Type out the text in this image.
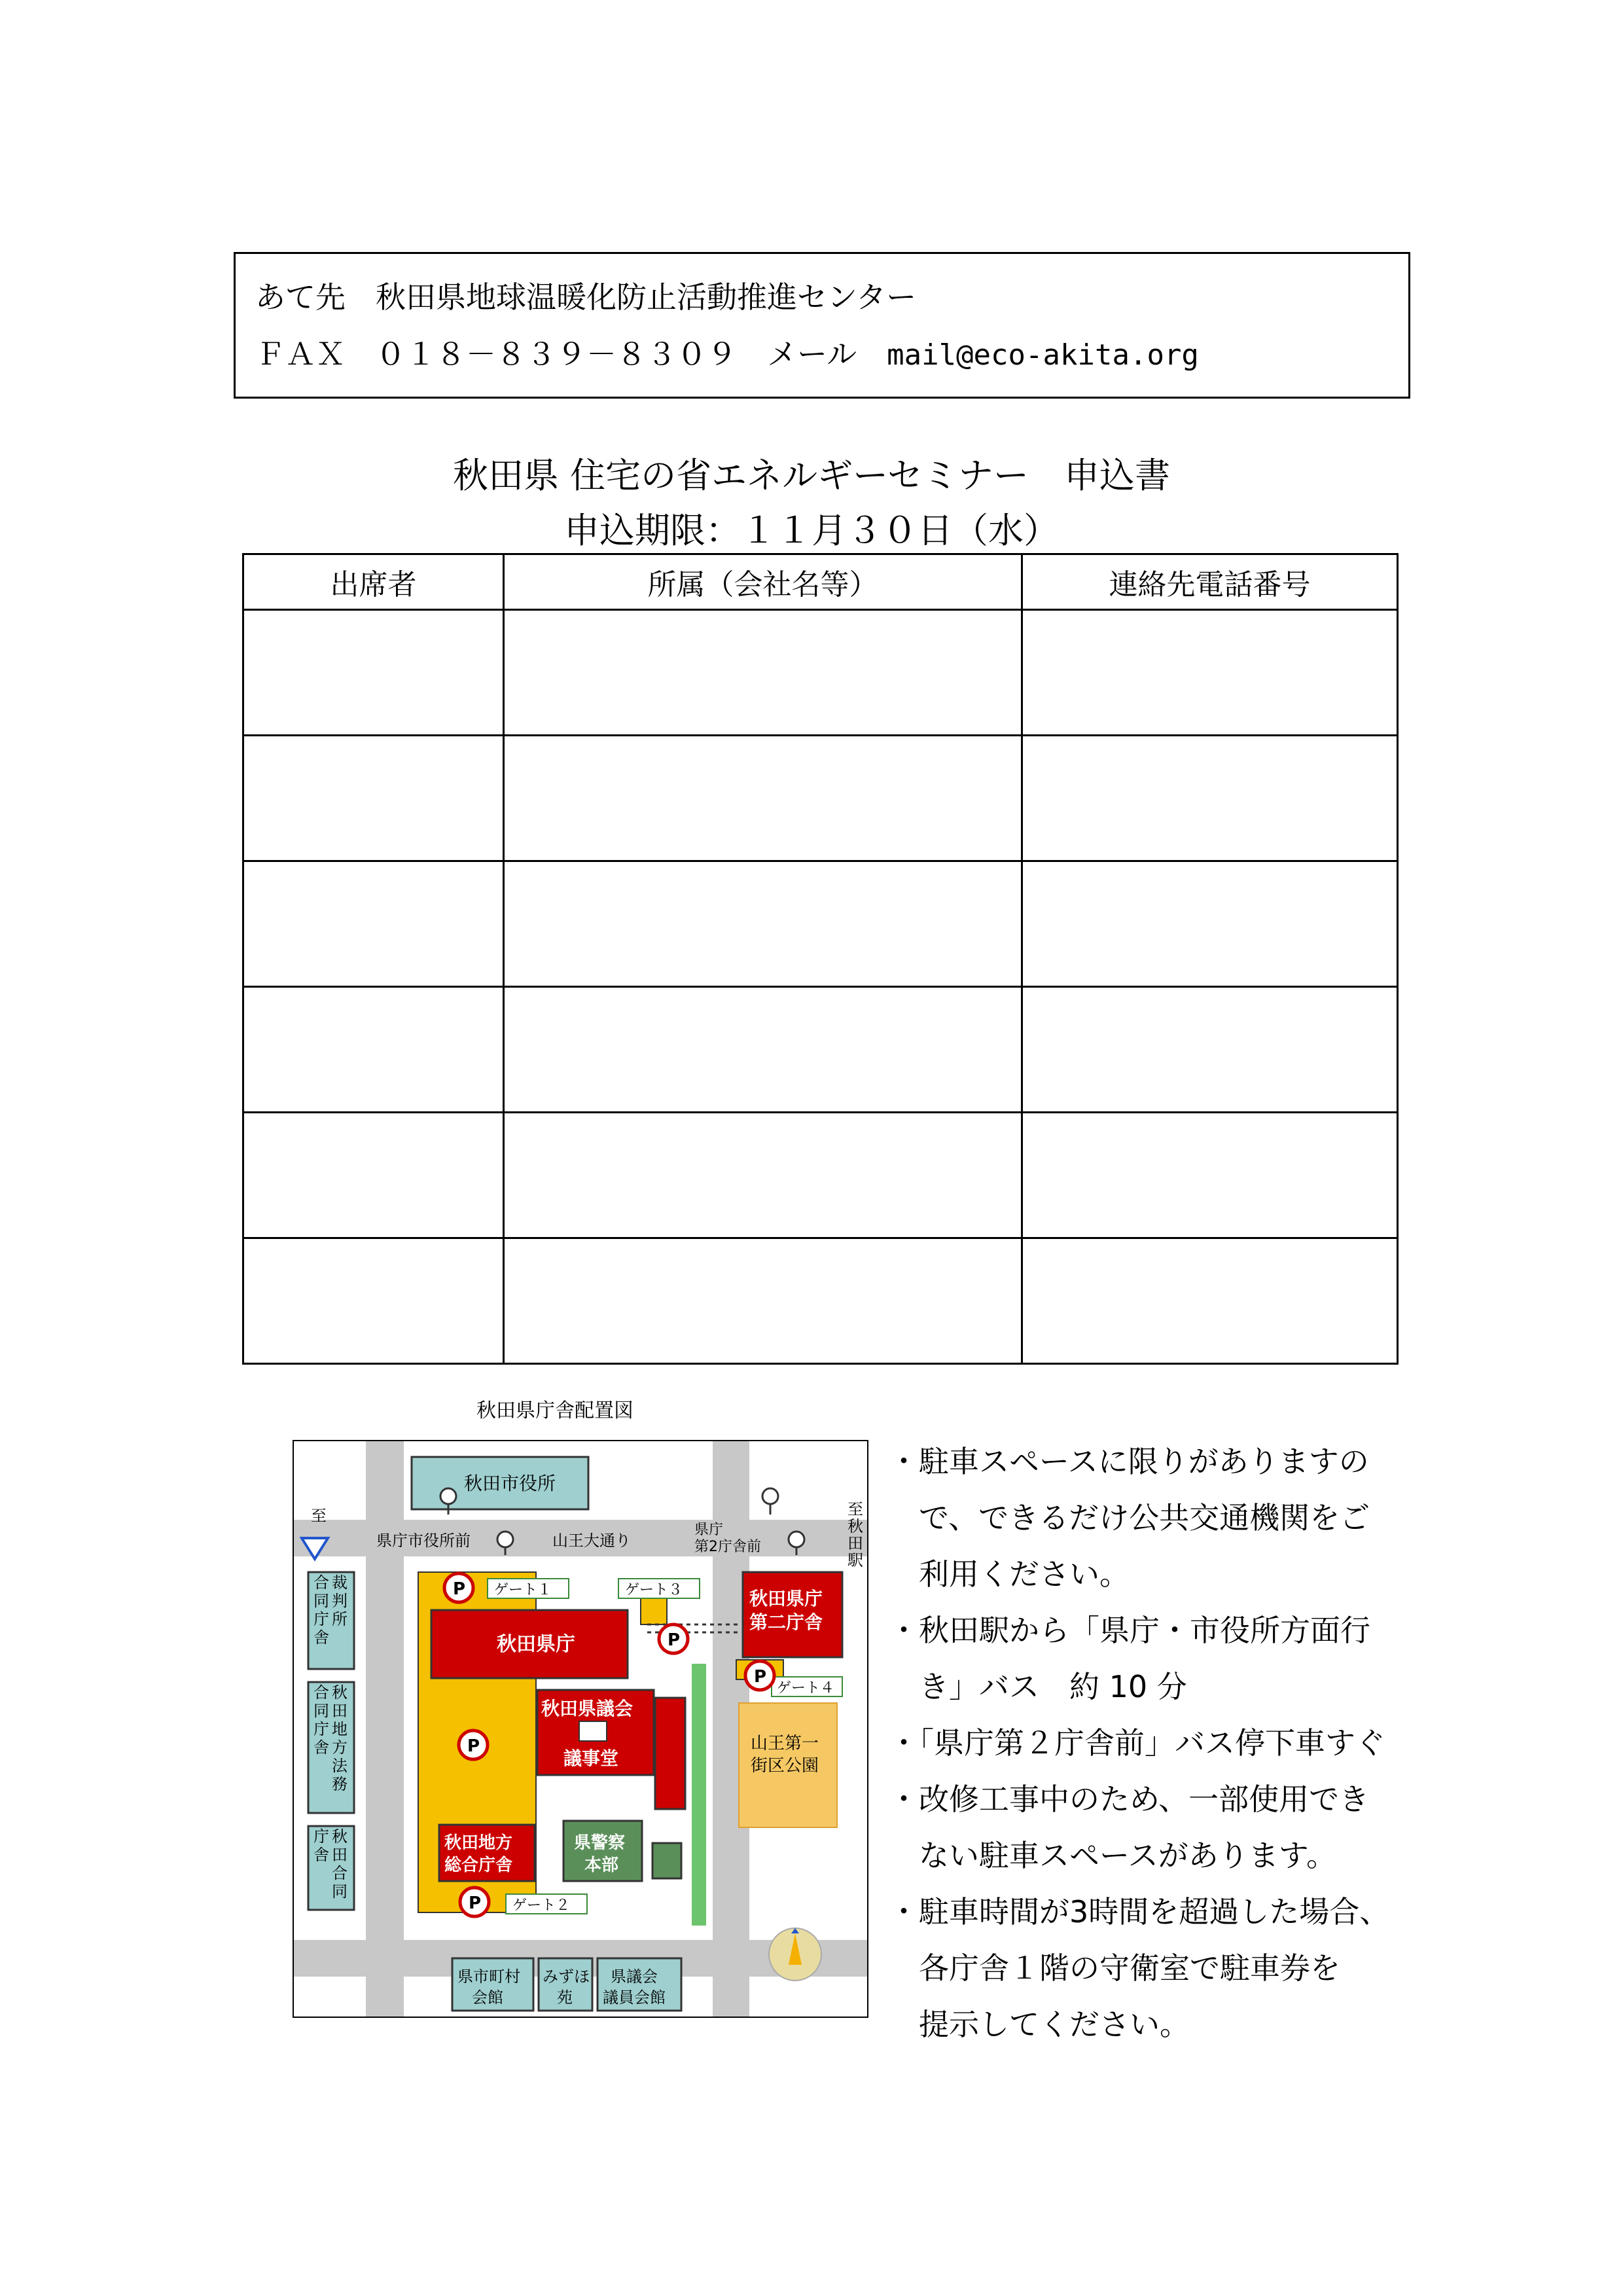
あて先　秋田県地球温暖化防止活動推進センター
ＦＡＸ　０１８－８３９－８３０９　メール　mail@eco-akita.org
秋田県 住宅の省エネルギーセミナー　申込書
申込期限：１１月３０日（水）
出席者	所属（会社名等）	連絡先電話番号

秋田県庁舎配置図
秋田市役所
県庁市役所前	山王大通り
県庁
第2庁舎前
至	至
秋
田
駅
裁
合
判
同
所
庁
舎
合 秋
同 田
庁 地
舎 方
法
務
庁 秋
舎 田
合
同
秋田県庁
秋田県庁
第二庁舎
秋田県議会
議事堂
秋田地方
総合庁舎
県警察
本部
山王第一
街区公園
ゲート１	ゲート３
ゲート４
ゲート２
P
P
P
P
P
県市町村
会館
みずほ
苑
県議会
議員会館
・駐車スペースに限りがありますの
　で、できるだけ公共交通機関をご
　利用ください。
・秋田駅から「県庁・市役所方面行
　き」バス　約 10 分
・「県庁第２庁舎前」バス停下車すぐ
・改修工事中のため、一部使用でき
　ない駐車スペースがあります。
・駐車時間が3時間を超過した場合、
　各庁舎１階の守衛室で駐車券を
　提示してください。
